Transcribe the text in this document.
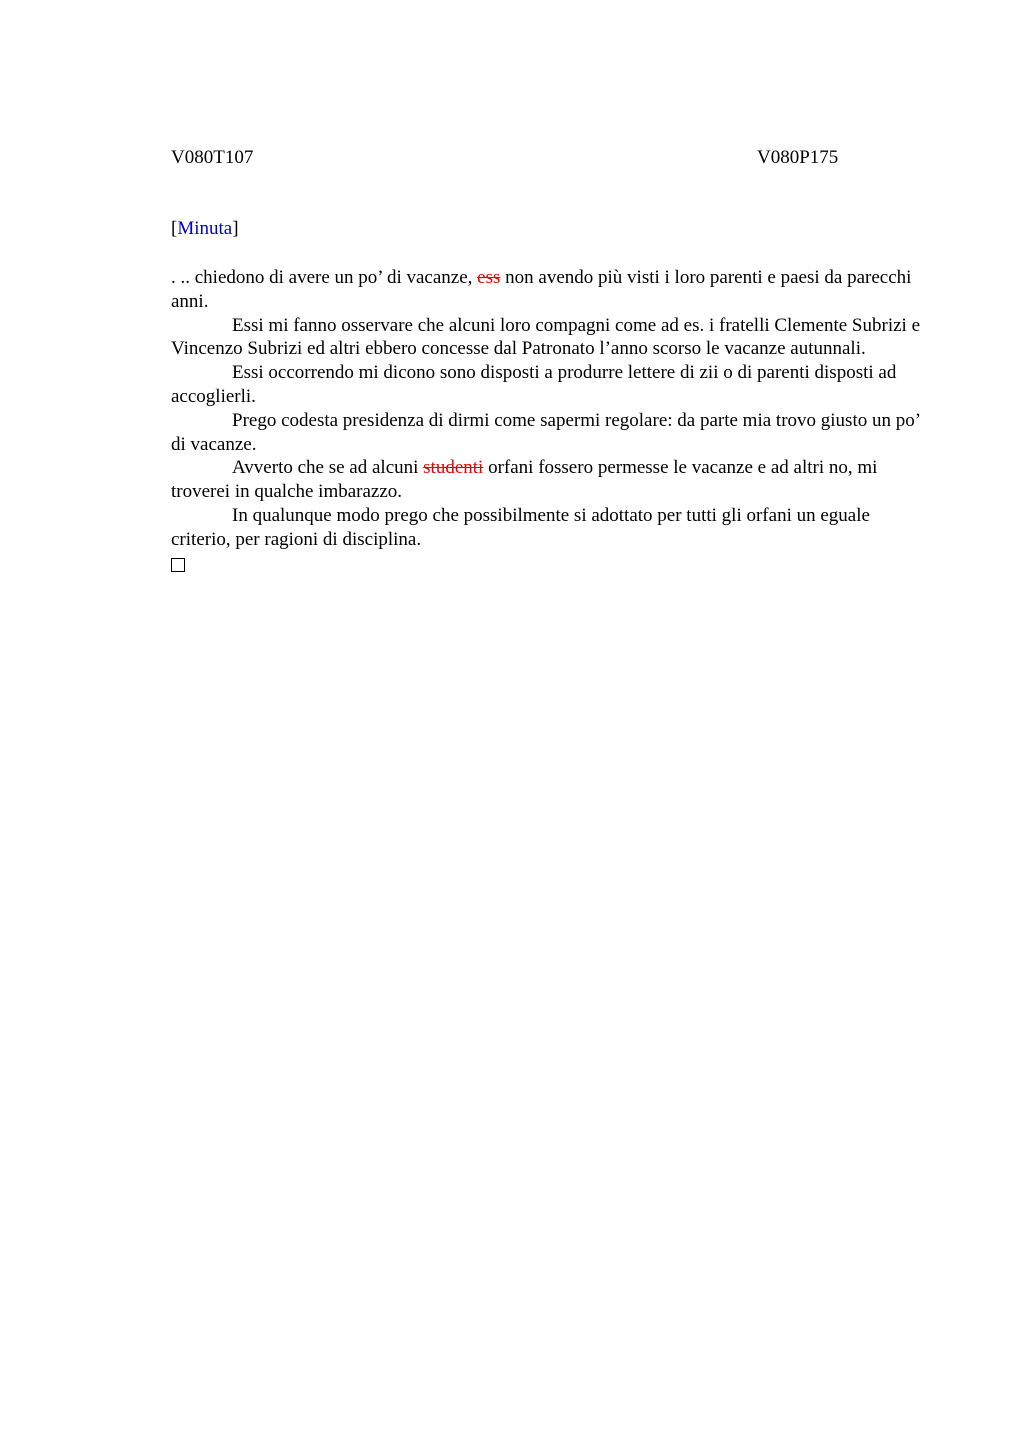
V080T107	V080P175
[Minuta]

. .. chiedono di avere un po’ di vacanze, ess non avendo più visti i loro parenti e paesi da parecchi anni.

Essi mi fanno osservare che alcuni loro compagni come ad es. i fratelli Clemente Subrizi e Vincenzo Subrizi ed altri ebbero concesse dal Patronato l’anno scorso le vacanze autunnali.

Essi occorrendo mi dicono sono disposti a produrre lettere di zii o di parenti disposti ad accoglierli.

Prego codesta presidenza di dirmi come sapermi regolare: da parte mia trovo giusto un po’ di vacanze.

Avverto che se ad alcuni studenti orfani fossero permesse le vacanze e ad altri no, mi troverei in qualche imbarazzo.

In qualunque modo prego che possibilmente si adottato per tutti gli orfani un eguale criterio, per ragioni di disciplina.
